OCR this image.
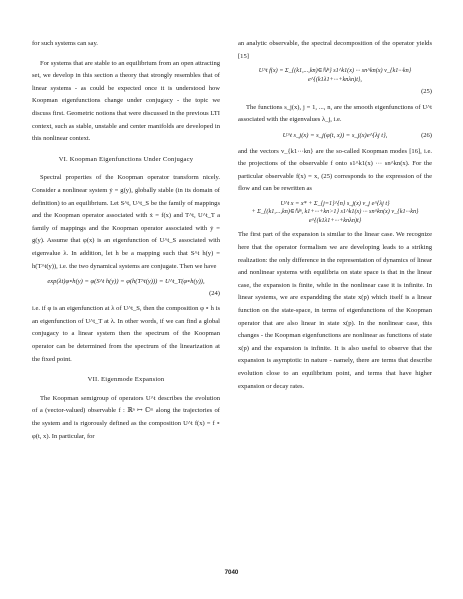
for such systems can say.

For systems that are stable to an equilibrium from an open attracting set, we develop in this section a theory that strongly resembles that of linear systems - as could be expected once it is understood how Koopman eigenfunctions change under conjugacy - the topic we discuss first. Geometric notions that were discussed in the previous LTI context, such as stable, unstable and center manifolds are developed in this nonlinear context.

VI. Koopman Eigenfunctions Under Conjugacy

Spectral properties of the Koopman operator transform nicely. Consider a nonlinear system ẏ = g(y), globally stable (in its domain of definition) to an equilibrium. Let S^t, U^t_S be the family of mappings and the Koopman operator associated with ẋ = f(x) and T^t, U^t_T a family of mappings and the Koopman operator associated with ẏ = g(y). Assume that φ(x) is an eigenfunction of U^t_S associated with eigenvalue λ. In addition, let h be a mapping such that S^t h(y) = h(T^t(y)), i.e. the two dynamical systems are conjugate. Then we have

exp(λt)φ∘h(y) = φ(S^t h(y)) = φ(h(T^t(y))) = U^t_T(φ∘h(y)),
(24)

i.e. if φ is an eigenfunction at λ of U^t_S, then the composition φ ∘ h is an eigenfunction of U^t_T at λ. In other words, if we can find a global conjugacy to a linear system then the spectrum of the Koopman operator can be determined from the spectrum of the linearization at the fixed point.

VII. Eigenmode Expansion

The Koopman semigroup of operators U^t describes the evolution of a (vector-valued) observable f : ℝⁿ ↦ ℂᵐ along the trajectories of the system and is rigorously defined as the composition U^t f(x) = f ∘ φ(t, x). In particular, for

an analytic observable, the spectral decomposition of the operator yields [15]

U^t f(x) = Σ_{(k1,...,kn)∈ℕⁿ} s1^k1(x) ··· sn^kn(x) v_{k1···kn} e^{(k1λ1+···+knλn)t},
(25)

The functions s_j(x), j = 1, ..., n, are the smooth eigenfunctions of U^t associated with the eigenvalues λ_j, i.e.

U^t s_j(x) = s_j(φ(t, x)) = s_j(x)e^{λj t},	(26)

and the vectors v_{k1···kn} are the so-called Koopman modes [16], i.e. the projections of the observable f onto s1^k1(x) ··· sn^kn(x). For the particular observable f(x) = x, (25) corresponds to the expression of the flow and can be rewritten as

U^t x = x* + Σ_{j=1}^{n} s_j(x) v_j e^{λj t}
+ Σ_{(k1,...,kn)∈ℕⁿ, k1+···+kn>1} s1^k1(x) ··· sn^kn(x) v_{k1···kn} e^{(k1λ1+···+knλn)t}

The first part of the expansion is similar to the linear case. We recognize here that the operator formalism we are developing leads to a striking realization: the only difference in the representation of dynamics of linear and nonlinear systems with equilibria on state space is that in the linear case, the expansion is finite, while in the nonlinear case it is infinite. In linear systems, we are expandding the state x(p) which itself is a linear function on the state-space, in terms of eigenfunctions of the Koopman operator that are also linear in state x(p). In the nonlinear case, this changes - the Koopman eigenfunctions are nonlinear as functions of state x(p) and the expansion is infinite. It is also useful to observe that the expansion is asymptotic in nature - namely, there are terms that describe evolution close to an equilibrium point, and terms that have higher expansion or decay rates.

7040
